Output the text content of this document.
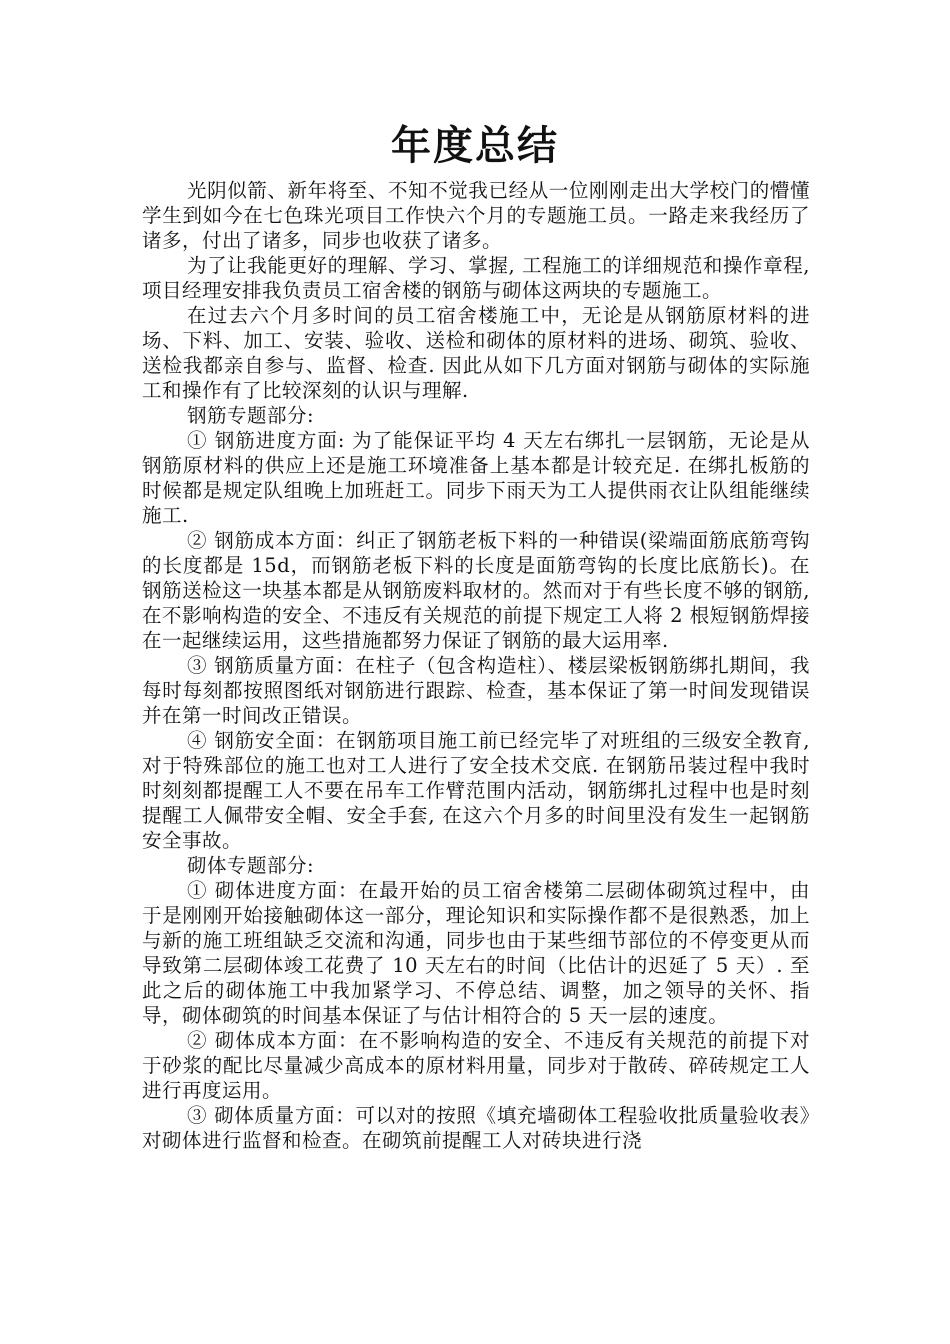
年度总结

光阴似箭、新年将至、不知不觉我已经从一位刚刚走出大学校门的懵懂学生到如今在七色珠光项目工作快六个月的专题施工员。一路走来我经历了诸多，付出了诸多，同步也收获了诸多。

为了让我能更好的理解、学习、掌握, 工程施工的详细规范和操作章程, 项目经理安排我负责员工宿舍楼的钢筋与砌体这两块的专题施工。

在过去六个月多时间的员工宿舍楼施工中，无论是从钢筋原材料的进场、下料、加工、安装、验收、送检和砌体的原材料的进场、砌筑、验收、送检我都亲自参与、监督、检查. 因此从如下几方面对钢筋与砌体的实际施工和操作有了比较深刻的认识与理解.

钢筋专题部分:

① 钢筋进度方面: 为了能保证平均 4 天左右绑扎一层钢筋，无论是从钢筋原材料的供应上还是施工环境准备上基本都是计较充足. 在绑扎板筋的时候都是规定队组晚上加班赶工。同步下雨天为工人提供雨衣让队组能继续施工.

② 钢筋成本方面：纠正了钢筋老板下料的一种错误(梁端面筋底筋弯钩的长度都是 15d，而钢筋老板下料的长度是面筋弯钩的长度比底筋长)。在钢筋送检这一块基本都是从钢筋废料取材的。然而对于有些长度不够的钢筋, 在不影响构造的安全、不违反有关规范的前提下规定工人将 2 根短钢筋焊接在一起继续运用，这些措施都努力保证了钢筋的最大运用率.

③ 钢筋质量方面：在柱子（包含构造柱）、楼层梁板钢筋绑扎期间，我每时每刻都按照图纸对钢筋进行跟踪、检查，基本保证了第一时间发现错误并在第一时间改正错误。

④ 钢筋安全面：在钢筋项目施工前已经完毕了对班组的三级安全教育, 对于特殊部位的施工也对工人进行了安全技术交底. 在钢筋吊装过程中我时时刻刻都提醒工人不要在吊车工作臂范围内活动，钢筋绑扎过程中也是时刻提醒工人佩带安全帽、安全手套, 在这六个月多的时间里没有发生一起钢筋安全事故。

砌体专题部分:

① 砌体进度方面：在最开始的员工宿舍楼第二层砌体砌筑过程中，由于是刚刚开始接触砌体这一部分，理论知识和实际操作都不是很熟悉，加上与新的施工班组缺乏交流和沟通，同步也由于某些细节部位的不停变更从而导致第二层砌体竣工花费了 10 天左右的时间（比估计的迟延了 5 天）. 至此之后的砌体施工中我加紧学习、不停总结、调整，加之领导的关怀、指导，砌体砌筑的时间基本保证了与估计相符合的 5 天一层的速度。

② 砌体成本方面：在不影响构造的安全、不违反有关规范的前提下对于砂浆的配比尽量减少高成本的原材料用量，同步对于散砖、碎砖规定工人进行再度运用。

③ 砌体质量方面：可以对的按照《填充墙砌体工程验收批质量验收表》对砌体进行监督和检查。在砌筑前提醒工人对砖块进行浇
